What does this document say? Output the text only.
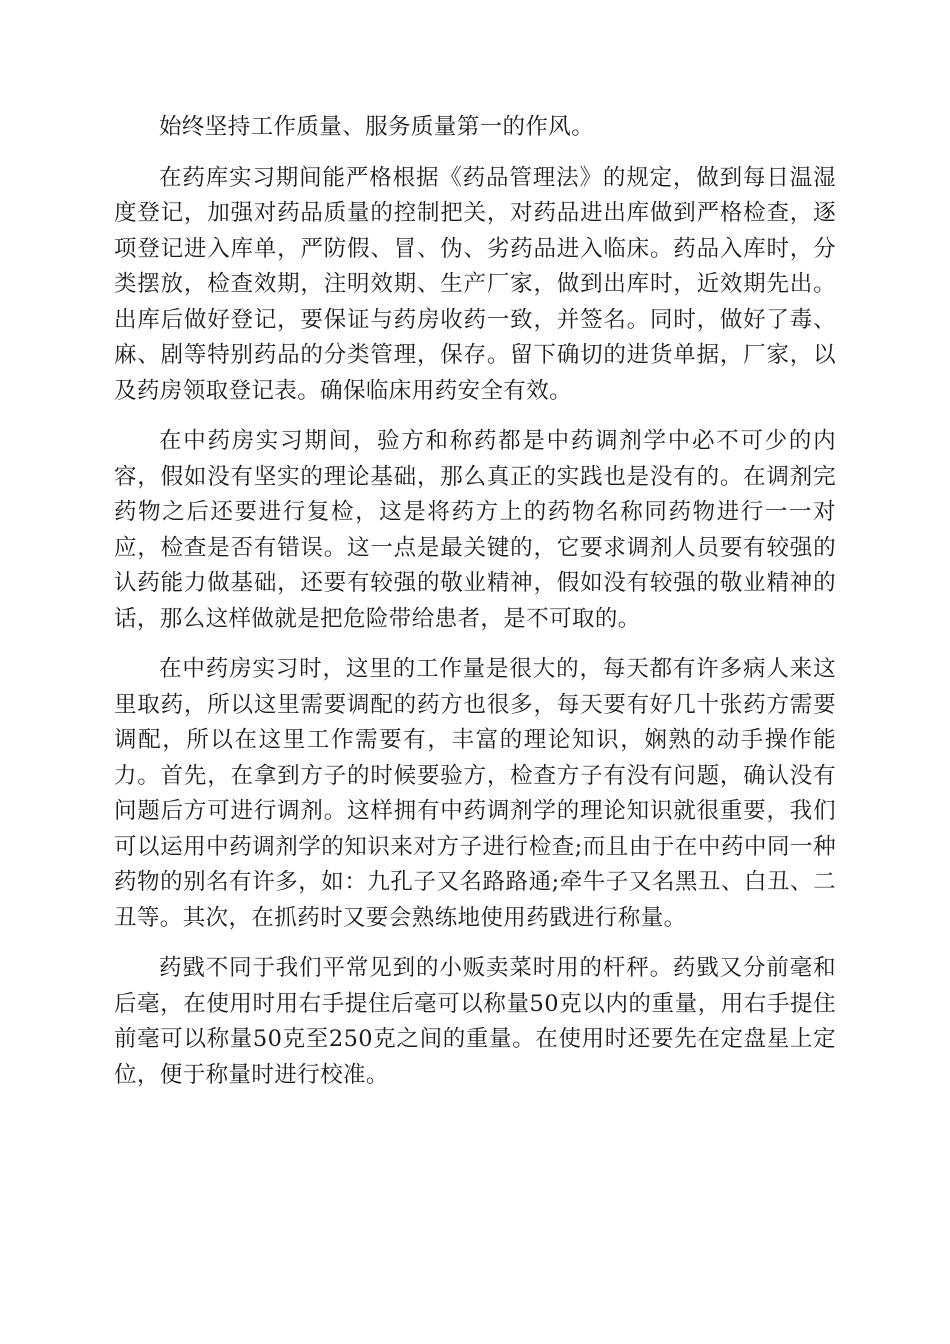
始终坚持工作质量、服务质量第一的作风。

在药库实习期间能严格根据《药品管理法》的规定，做到每日温湿度登记，加强对药品质量的控制把关，对药品进出库做到严格检查，逐项登记进入库单，严防假、冒、伪、劣药品进入临床。药品入库时，分类摆放，检查效期，注明效期、生产厂家，做到出库时，近效期先出。出库后做好登记，要保证与药房收药一致，并签名。同时，做好了毒、麻、剧等特别药品的分类管理，保存。留下确切的进货单据，厂家，以及药房领取登记表。确保临床用药安全有效。

在中药房实习期间，验方和称药都是中药调剂学中必不可少的内容，假如没有坚实的理论基础，那么真正的实践也是没有的。在调剂完药物之后还要进行复检，这是将药方上的药物名称同药物进行一一对应，检查是否有错误。这一点是最关键的，它要求调剂人员要有较强的认药能力做基础，还要有较强的敬业精神，假如没有较强的敬业精神的话，那么这样做就是把危险带给患者，是不可取的。

在中药房实习时，这里的工作量是很大的，每天都有许多病人来这里取药，所以这里需要调配的药方也很多，每天要有好几十张药方需要调配，所以在这里工作需要有，丰富的理论知识，娴熟的动手操作能力。首先，在拿到方子的时候要验方，检查方子有没有问题，确认没有问题后方可进行调剂。这样拥有中药调剂学的理论知识就很重要，我们可以运用中药调剂学的知识来对方子进行检查;而且由于在中药中同一种药物的别名有许多，如：九孔子又名路路通;牵牛子又名黑丑、白丑、二丑等。其次，在抓药时又要会熟练地使用药戥进行称量。

药戥不同于我们平常见到的小贩卖菜时用的杆秤。药戥又分前毫和后毫，在使用时用右手提住后毫可以称量50克以内的重量，用右手提住前毫可以称量50克至250克之间的重量。在使用时还要先在定盘星上定位，便于称量时进行校准。
